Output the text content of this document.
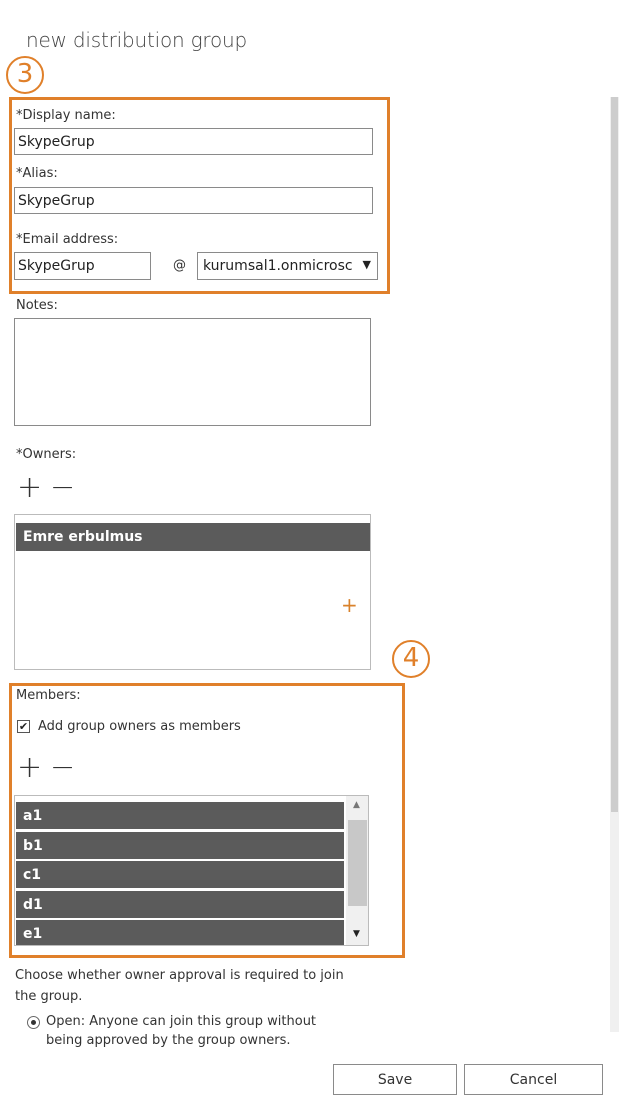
new distribution group
3
*Display name:
SkypeGrup
*Alias:
SkypeGrup
*Email address:
SkypeGrup	@ kurumsal1.onmicrosc ▼
Notes:
*Owners:
+ −
Emre erbulmus
+
4
Members:
✔ Add group owners as members
+ −
a1
b1
c1
d1
e1
▲
▼
Choose whether owner approval is required to join the group.
Open: Anyone can join this group without
being approved by the group owners.
Save	Cancel
